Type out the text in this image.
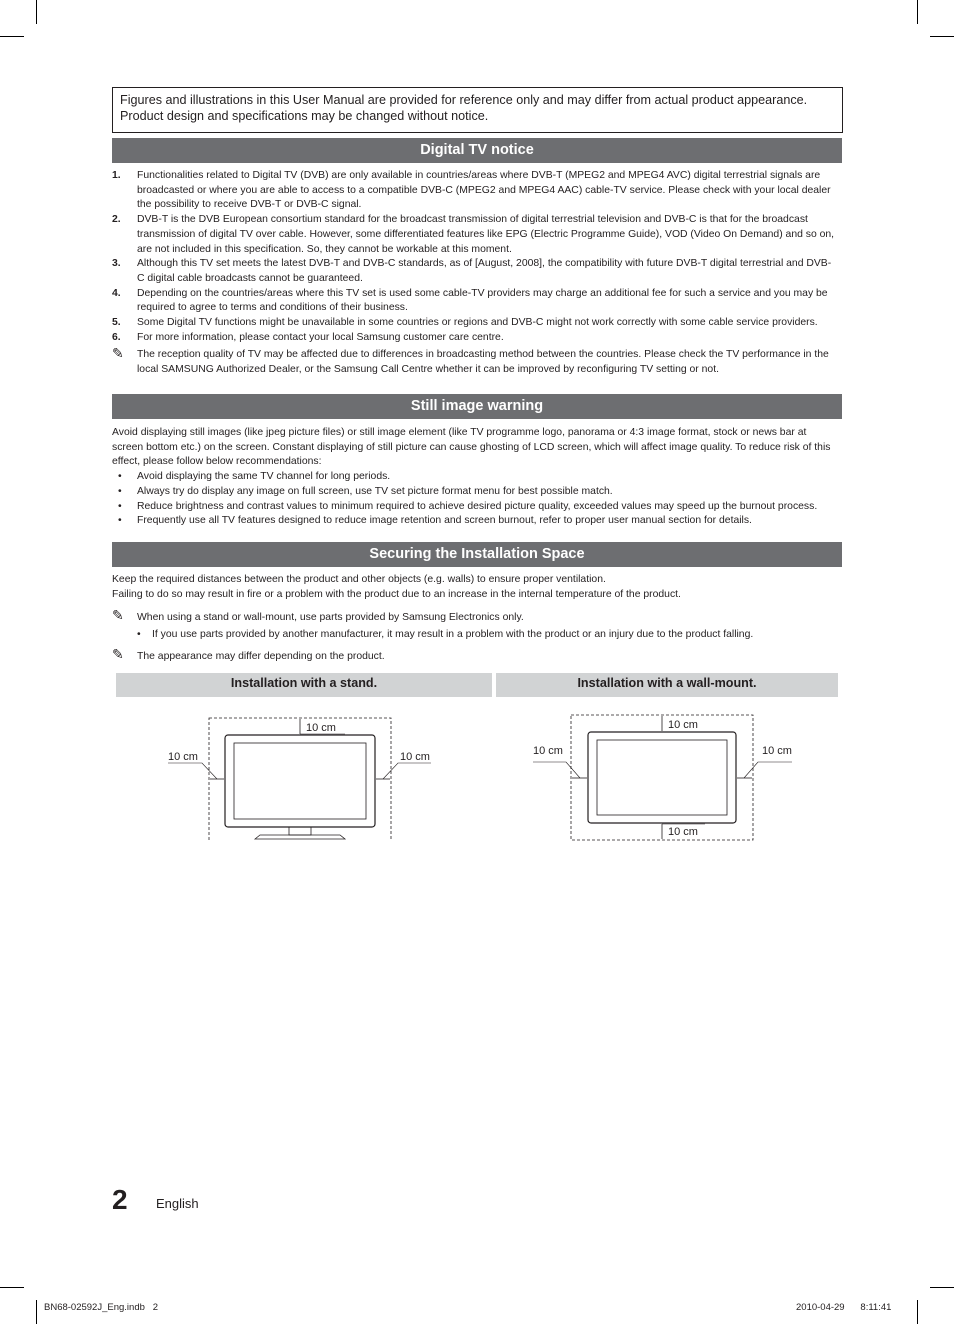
Figures and illustrations in this User Manual are provided for reference only and may differ from actual product appearance. Product design and specifications may be changed without notice.
Digital TV notice
1. Functionalities related to Digital TV (DVB) are only available in countries/areas where DVB-T (MPEG2 and MPEG4 AVC) digital terrestrial signals are broadcasted or where you are able to access to a compatible DVB-C (MPEG2 and MPEG4 AAC) cable-TV service. Please check with your local dealer the possibility to receive DVB-T or DVB-C signal.
2. DVB-T is the DVB European consortium standard for the broadcast transmission of digital terrestrial television and DVB-C is that for the broadcast transmission of digital TV over cable. However, some differentiated features like EPG (Electric Programme Guide), VOD (Video On Demand) and so on, are not included in this specification. So, they cannot be workable at this moment.
3. Although this TV set meets the latest DVB-T and DVB-C standards, as of [August, 2008], the compatibility with future DVB-T digital terrestrial and DVB-C digital cable broadcasts cannot be guaranteed.
4. Depending on the countries/areas where this TV set is used some cable-TV providers may charge an additional fee for such a service and you may be required to agree to terms and conditions of their business.
5. Some Digital TV functions might be unavailable in some countries or regions and DVB-C might not work correctly with some cable service providers.
6. For more information, please contact your local Samsung customer care centre.
✎ The reception quality of TV may be affected due to differences in broadcasting method between the countries. Please check the TV performance in the local SAMSUNG Authorized Dealer, or the Samsung Call Centre whether it can be improved by reconfiguring TV setting or not.
Still image warning
Avoid displaying still images (like jpeg picture files) or still image element (like TV programme logo, panorama or 4:3 image format, stock or news bar at screen bottom etc.) on the screen. Constant displaying of still picture can cause ghosting of LCD screen, which will affect image quality. To reduce risk of this effect, please follow below recommendations:
• Avoid displaying the same TV channel for long periods.
• Always try do display any image on full screen, use TV set picture format menu for best possible match.
• Reduce brightness and contrast values to minimum required to achieve desired picture quality, exceeded values may speed up the burnout process.
• Frequently use all TV features designed to reduce image retention and screen burnout, refer to proper user manual section for details.
Securing the Installation Space
Keep the required distances between the product and other objects (e.g. walls) to ensure proper ventilation.
Failing to do so may result in fire or a problem with the product due to an increase in the internal temperature of the product.
✎ When using a stand or wall-mount, use parts provided by Samsung Electronics only.
• If you use parts provided by another manufacturer, it may result in a problem with the product or an injury due to the product falling.
✎ The appearance may differ depending on the product.
Installation with a stand.	Installation with a wall-mount.
10 cm
10 cm	10 cm
10 cm
10 cm
10 cm	10 cm
2 English
BN68-02592J_Eng.indb   2	2010-04-29      8:11:41
